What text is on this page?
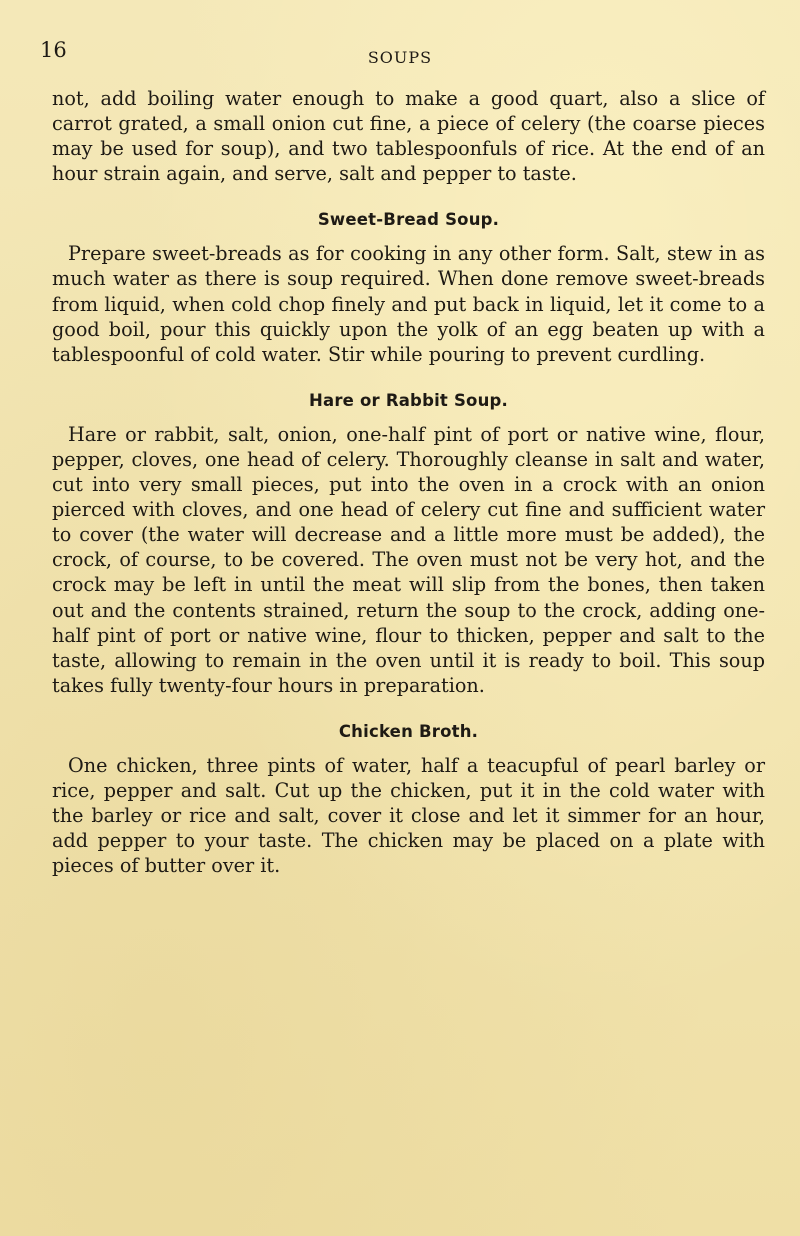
16	SOUPS

not, add boiling water enough to make a good quart, also a slice of carrot grated, a small onion cut fine, a piece of celery (the coarse pieces may be used for soup), and two tablespoonfuls of rice. At the end of an hour strain again, and serve, salt and pepper to taste.

Sweet-Bread Soup.

Prepare sweet-breads as for cooking in any other form. Salt, stew in as much water as there is soup required. When done remove sweet-breads from liquid, when cold chop finely and put back in liquid, let it come to a good boil, pour this quickly upon the yolk of an egg beaten up with a tablespoonful of cold water. Stir while pouring to prevent curdling.

Hare or Rabbit Soup.

Hare or rabbit, salt, onion, one-half pint of port or native wine, flour, pepper, cloves, one head of celery. Thoroughly cleanse in salt and water, cut into very small pieces, put into the oven in a crock with an onion pierced with cloves, and one head of celery cut fine and sufficient water to cover (the water will decrease and a little more must be added), the crock, of course, to be covered. The oven must not be very hot, and the crock may be left in until the meat will slip from the bones, then taken out and the contents strained, return the soup to the crock, adding one-half pint of port or native wine, flour to thicken, pepper and salt to the taste, allowing to remain in the oven until it is ready to boil. This soup takes fully twenty-four hours in preparation.

Chicken Broth.

One chicken, three pints of water, half a teacupful of pearl barley or rice, pepper and salt. Cut up the chicken, put it in the cold water with the barley or rice and salt, cover it close and let it simmer for an hour, add pepper to your taste. The chicken may be placed on a plate with pieces of butter over it.
